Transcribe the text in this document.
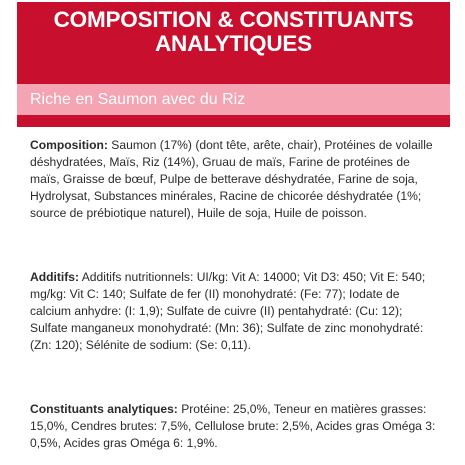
COMPOSITION & CONSTITUANTS
ANALYTIQUES
Riche en Saumon avec du Riz
Composition: Saumon (17%) (dont tête, arête, chair), Protéines de volaille déshydratées, Maïs, Riz (14%), Gruau de maïs, Farine de protéines de maïs, Graisse de bœuf, Pulpe de betterave déshydratée, Farine de soja, Hydrolysat, Substances minérales, Racine de chicorée déshydratée (1%; source de prébiotique naturel), Huile de soja, Huile de poisson.
Additifs: Additifs nutritionnels: UI/kg: Vit A: 14000; Vit D3: 450; Vit E: 540; mg/kg: Vit C: 140; Sulfate de fer (II) monohydraté: (Fe: 77); Iodate de calcium anhydre: (I: 1,9); Sulfate de cuivre (II) pentahydraté: (Cu: 12); Sulfate manganeux monohydraté: (Mn: 36); Sulfate de zinc monohydraté: (Zn: 120); Sélénite de sodium: (Se: 0,11).
Constituants analytiques: Protéine: 25,0%, Teneur en matières grasses: 15,0%, Cendres brutes: 7,5%, Cellulose brute: 2,5%, Acides gras Oméga 3: 0,5%, Acides gras Oméga 6: 1,9%.
